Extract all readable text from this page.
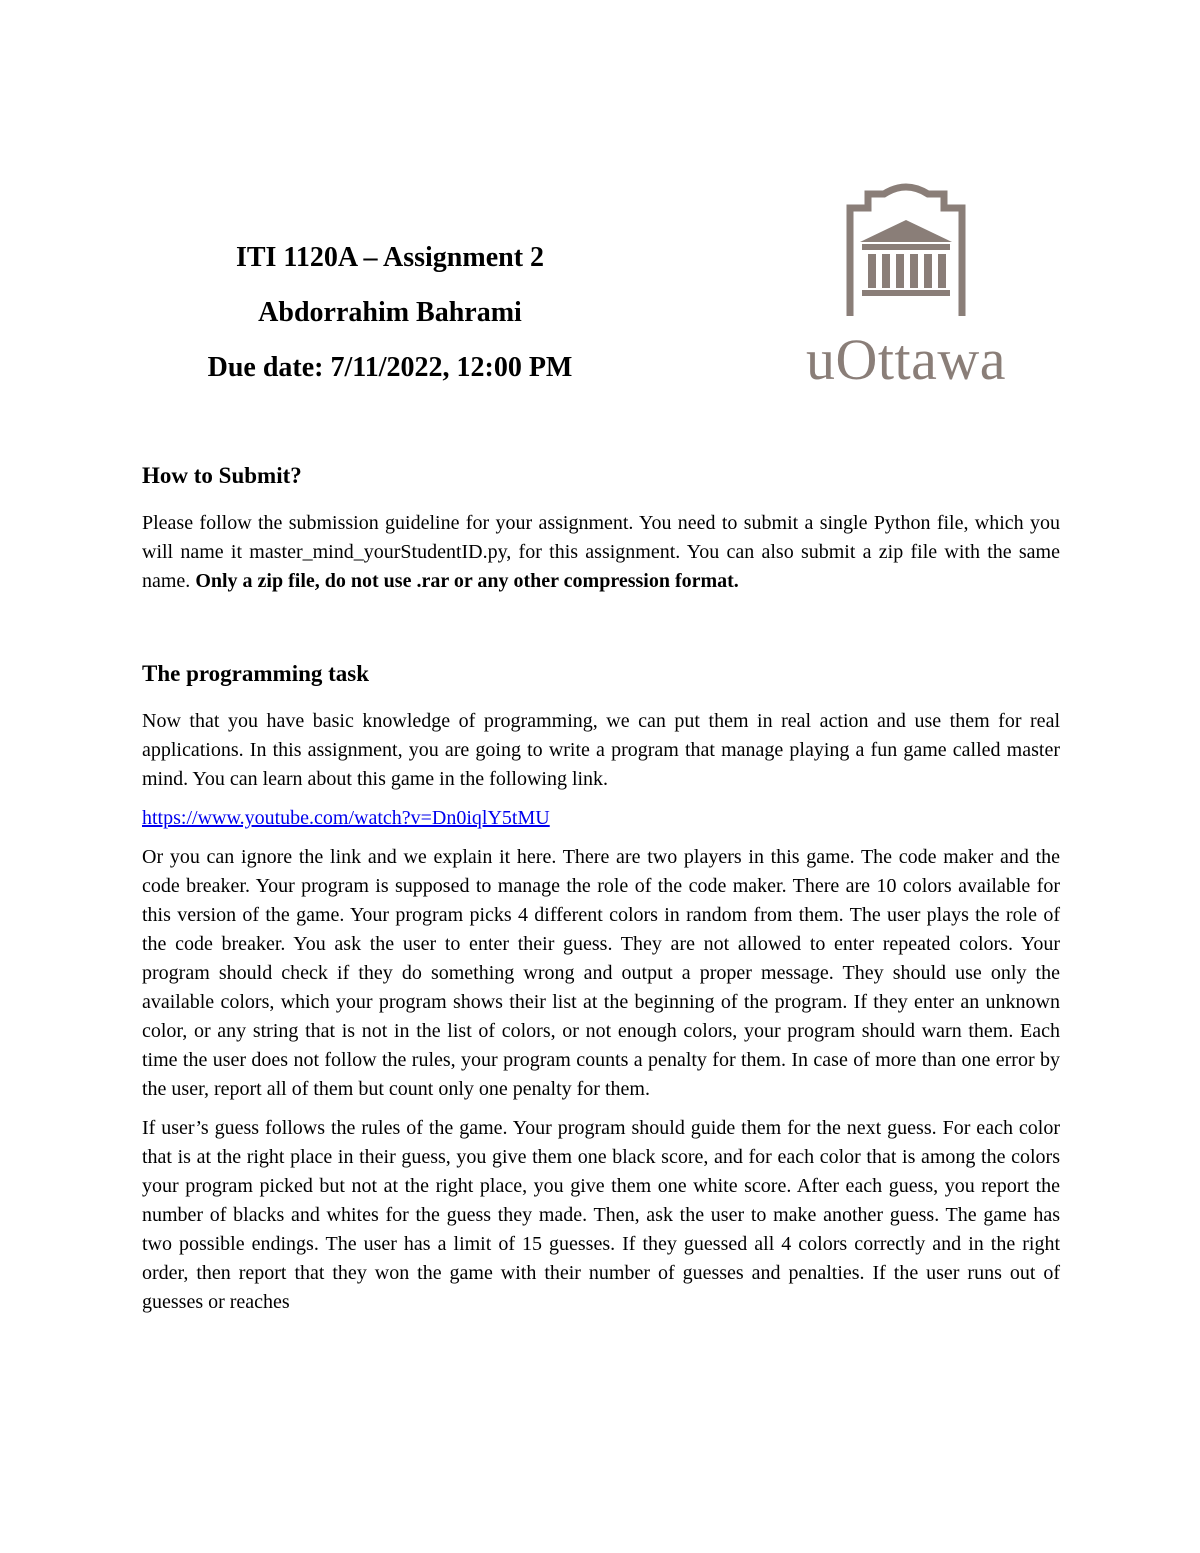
ITI 1120A – Assignment 2
Abdorrahim Bahrami
Due date: 7/11/2022, 12:00 PM	uOttawa
How to Submit?

Please follow the submission guideline for your assignment. You need to submit a single Python file, which you will name it master_mind_yourStudentID.py, for this assignment. You can also submit a zip file with the same name. Only a zip file, do not use .rar or any other compression format.

The programming task

Now that you have basic knowledge of programming, we can put them in real action and use them for real applications. In this assignment, you are going to write a program that manage playing a fun game called master mind. You can learn about this game in the following link.

https://www.youtube.com/watch?v=Dn0iqlY5tMU

Or you can ignore the link and we explain it here. There are two players in this game. The code maker and the code breaker. Your program is supposed to manage the role of the code maker. There are 10 colors available for this version of the game. Your program picks 4 different colors in random from them. The user plays the role of the code breaker. You ask the user to enter their guess. They are not allowed to enter repeated colors. Your program should check if they do something wrong and output a proper message. They should use only the available colors, which your program shows their list at the beginning of the program. If they enter an unknown color, or any string that is not in the list of colors, or not enough colors, your program should warn them. Each time the user does not follow the rules, your program counts a penalty for them. In case of more than one error by the user, report all of them but count only one penalty for them.

If user’s guess follows the rules of the game. Your program should guide them for the next guess. For each color that is at the right place in their guess, you give them one black score, and for each color that is among the colors your program picked but not at the right place, you give them one white score. After each guess, you report the number of blacks and whites for the guess they made. Then, ask the user to make another guess. The game has two possible endings. The user has a limit of 15 guesses. If they guessed all 4 colors correctly and in the right order, then report that they won the game with their number of guesses and penalties. If the user runs out of guesses or reaches
